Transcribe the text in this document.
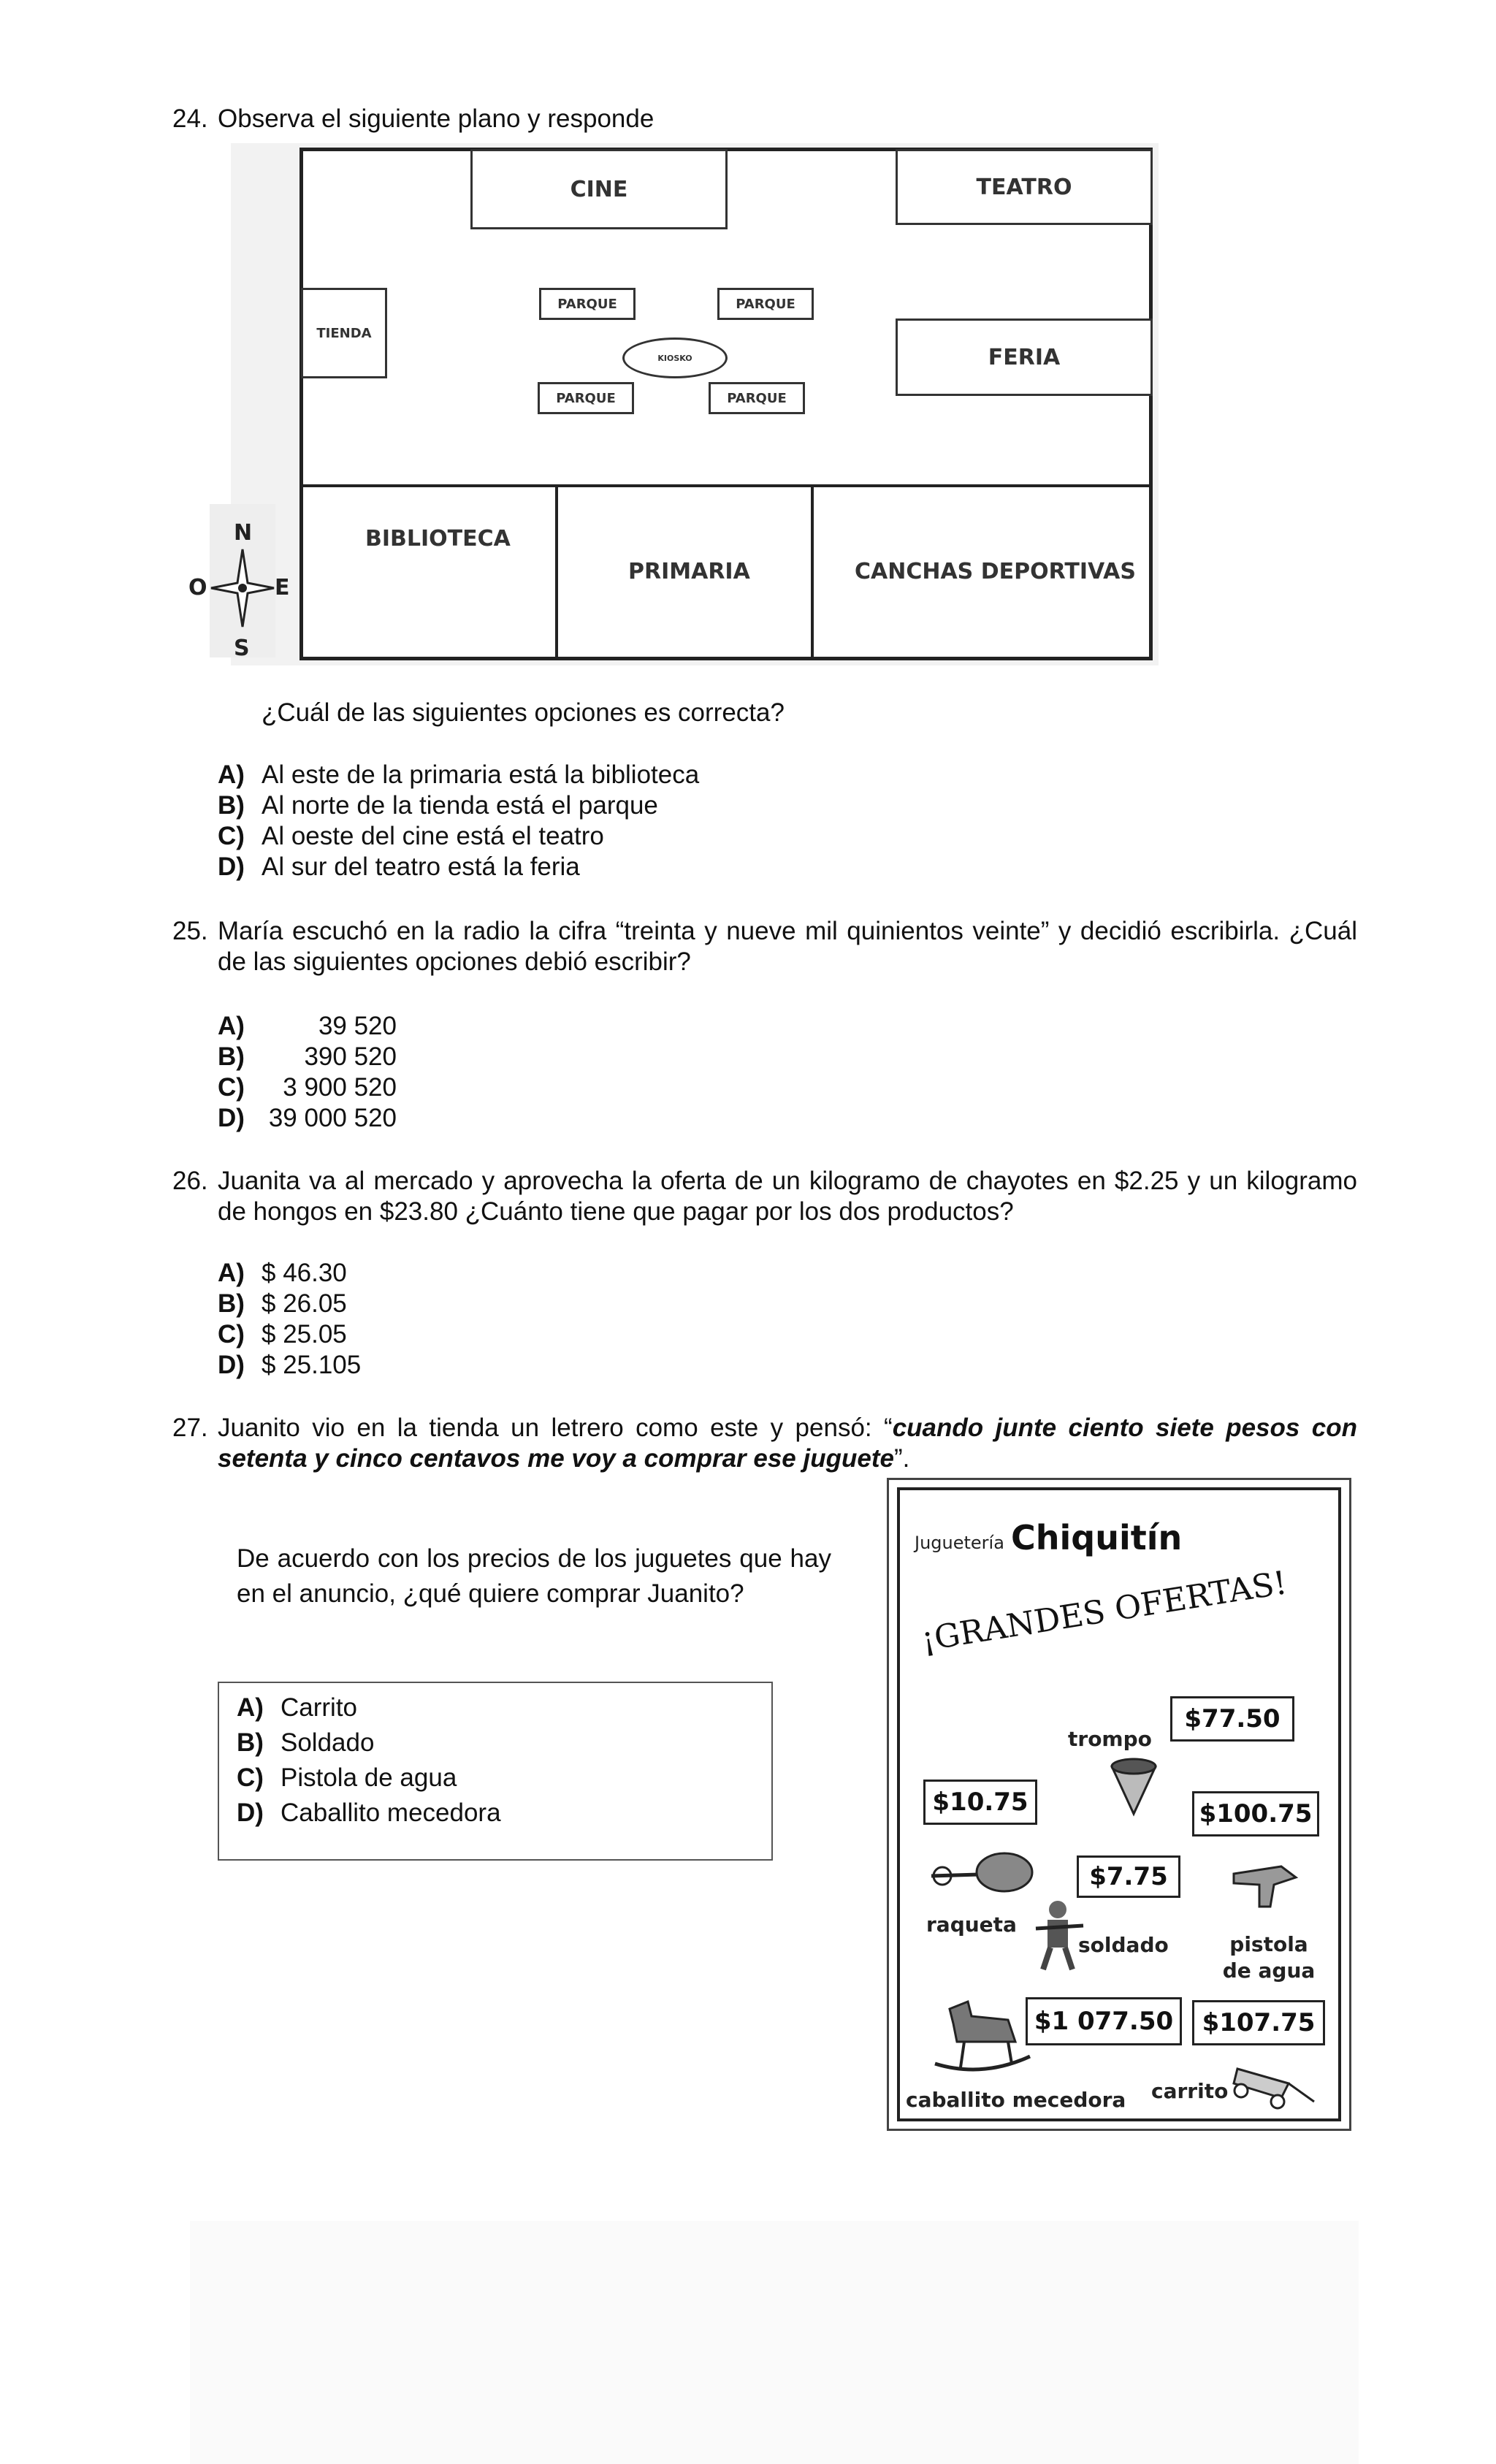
24. Observa el siguiente plano y responde
CINE	TEATRO
TIENDA
PARQUE	PARQUE
KIOSKO
PARQUE	PARQUE
FERIA
BIBLIOTECA
PRIMARIA	CANCHAS DEPORTIVAS
N
S
O	E
¿Cuál de las siguientes opciones es correcta?
A) Al este de la primaria está la biblioteca
B) Al norte de la tienda está el parque
C) Al oeste del cine está el teatro
D) Al sur del teatro está la feria
25. María escuchó en la radio la cifra “treinta y nueve mil quinientos veinte” y decidió escribirla. ¿Cuál de las siguientes opciones debió escribir?
A)	39 520
B) 390 520
C) 3 900 520
D) 39 000 520
26. Juanita va al mercado y aprovecha la oferta de un kilogramo de chayotes en $2.25 y un kilogramo de hongos en $23.80 ¿Cuánto tiene que pagar por los dos productos?
A) $ 46.30
B) $ 26.05
C) $ 25.05
D) $ 25.105
27. Juanito vio en la tienda un letrero como este y pensó: “cuando junte ciento siete pesos con setenta y cinco centavos me voy a comprar ese juguete”.
De acuerdo con los precios de los juguetes que hay en el anuncio, ¿qué quiere comprar Juanito?
A) Carrito
B) Soldado
C) Pistola de agua
D) Caballito mecedora
Juguetería Chiquitín
¡GRANDES OFERTAS!
$77.50
trompo
$10.75
raqueta
$7.75
soldado
$100.75
pistola de agua
$1 077.50
caballito mecedora
$107.75
carrito
